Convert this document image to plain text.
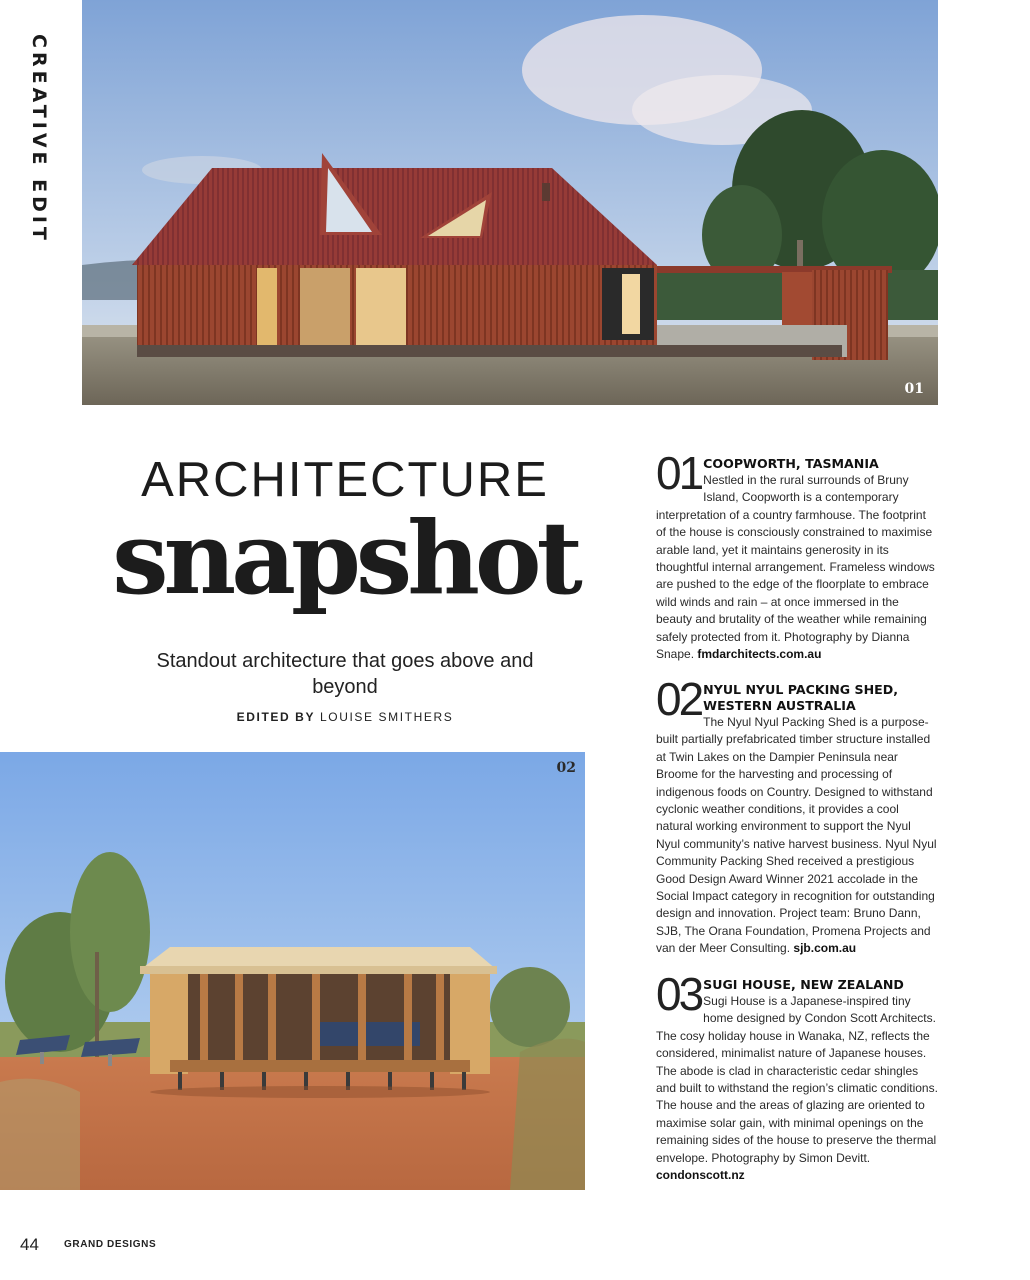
CREATIVE EDIT
01
ARCHITECTURE
snapshot
Standout architecture that goes above and beyond
EDITED BY LOUISE SMITHERS
02
01 COOPWORTH, TASMANIA
Nestled in the rural surrounds of Bruny Island, Coopworth is a contemporary interpretation of a country farmhouse. The footprint of the house is consciously constrained to maximise arable land, yet it maintains generosity in its thoughtful internal arrangement. Frameless windows are pushed to the edge of the floorplate to embrace wild winds and rain – at once immersed in the beauty and brutality of the weather while remaining safely protected from it. Photography by Dianna Snape. fmdarchitects.com.au
02 NYUL NYUL PACKING SHED, WESTERN AUSTRALIA
The Nyul Nyul Packing Shed is a purpose-built partially prefabricated timber structure installed at Twin Lakes on the Dampier Peninsula near Broome for the harvesting and processing of indigenous foods on Country. Designed to withstand cyclonic weather conditions, it provides a cool natural working environment to support the Nyul Nyul community’s native harvest business. Nyul Nyul Community Packing Shed received a prestigious Good Design Award Winner 2021 accolade in the Social Impact category in recognition for outstanding design and innovation. Project team: Bruno Dann, SJB, The Orana Foundation, Promena Projects and van der Meer Consulting. sjb.com.au
03 SUGI HOUSE, NEW ZEALAND
Sugi House is a Japanese-inspired tiny home designed by Condon Scott Architects. The cosy holiday house in Wanaka, NZ, reflects the considered, minimalist nature of Japanese houses. The abode is clad in characteristic cedar shingles and built to withstand the region’s climatic conditions. The house and the areas of glazing are oriented to maximise solar gain, with minimal openings on the remaining sides of the house to preserve the thermal envelope. Photography by Simon Devitt. condonscott.nz
44	GRAND DESIGNS
